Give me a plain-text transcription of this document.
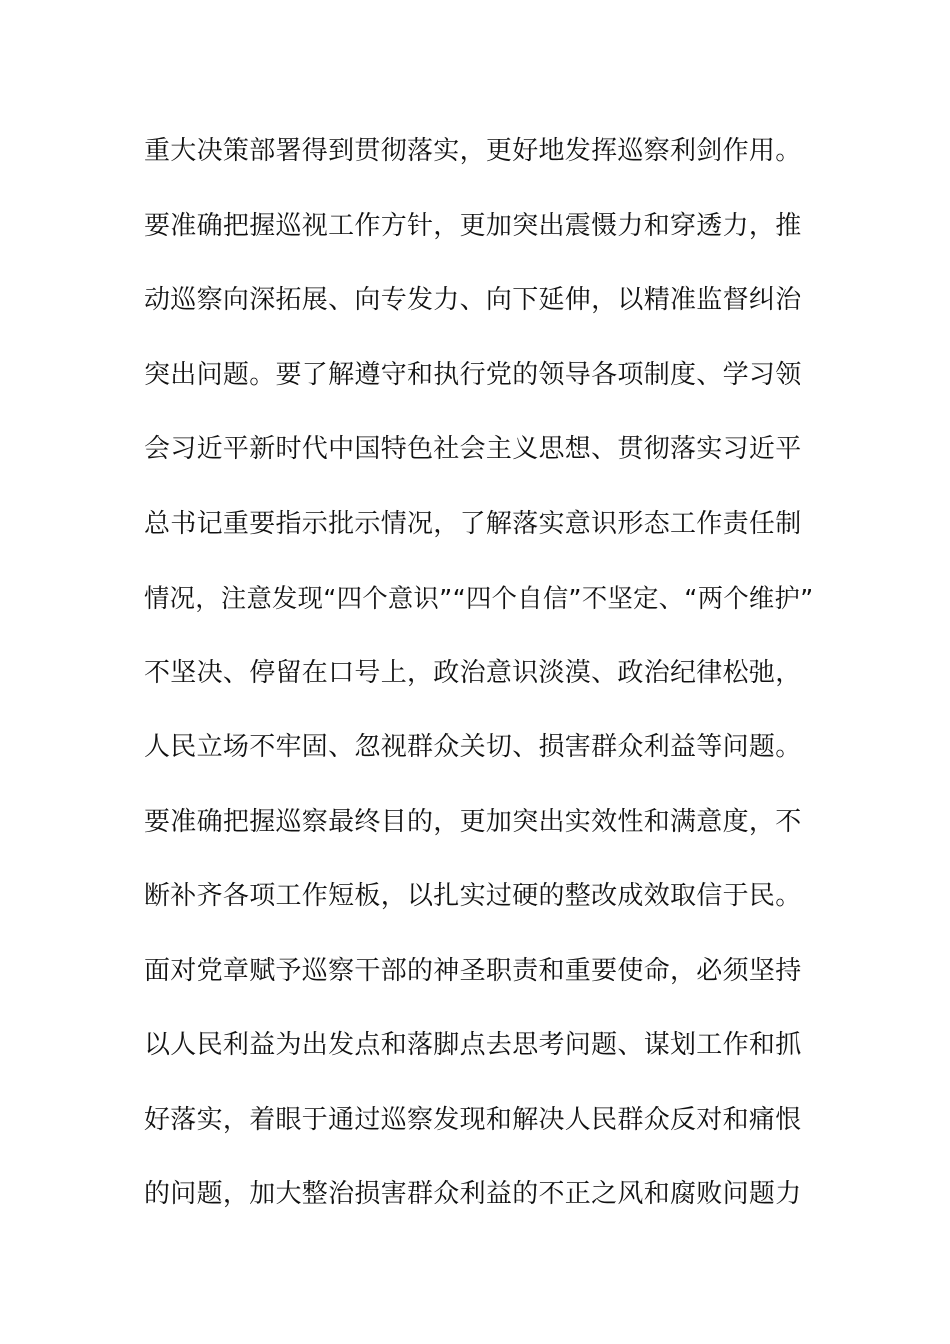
重大决策部署得到贯彻落实，更好地发挥巡察利剑作用。
要准确把握巡视工作方针，更加突出震慑力和穿透力，推
动巡察向深拓展、向专发力、向下延伸，以精准监督纠治
突出问题。要了解遵守和执行党的领导各项制度、学习领
会习近平新时代中国特色社会主义思想、贯彻落实习近平
总书记重要指示批示情况，了解落实意识形态工作责任制
情况，注意发现“四个意识”“四个自信”不坚定、“两个维护”
不坚决、停留在口号上，政治意识淡漠、政治纪律松弛，
人民立场不牢固、忽视群众关切、损害群众利益等问题。
要准确把握巡察最终目的，更加突出实效性和满意度，不
断补齐各项工作短板，以扎实过硬的整改成效取信于民。
面对党章赋予巡察干部的神圣职责和重要使命，必须坚持
以人民利益为出发点和落脚点去思考问题、谋划工作和抓
好落实，着眼于通过巡察发现和解决人民群众反对和痛恨
的问题，加大整治损害群众利益的不正之风和腐败问题力
